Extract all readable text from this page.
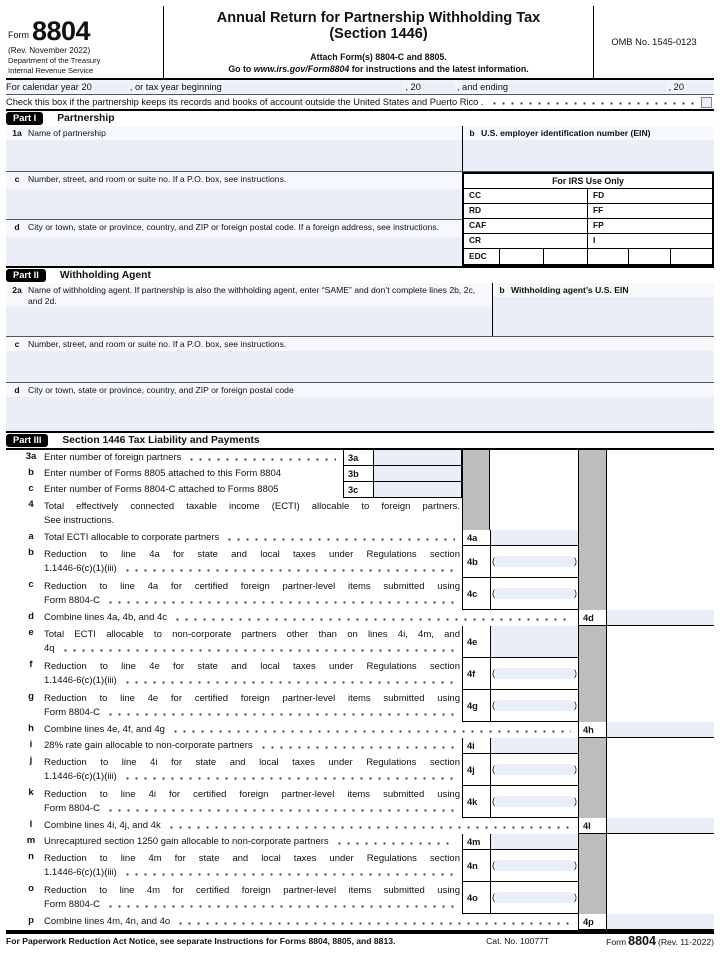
Form 8804
(Rev. November 2022)
Department of the Treasury
Internal Revenue Service
Annual Return for Partnership Withholding Tax
(Section 1446)
Attach Form(s) 8804-C and 8805.
Go to www.irs.gov/Form8804 for instructions and the latest information.
OMB No. 1545-0123
For calendar year 20	, or tax year beginning	, 20	, and ending	, 20
Check this box if the partnership keeps its records and books of account outside the United States and Puerto Rico .
Part I	Partnership
1a Name of partnership	b U.S. employer identification number (EIN)
c	Number, street, and room or suite no. If a P.O. box, see instructions.
d City or town, state or province, country, and ZIP or foreign postal code. If a foreign address, see instructions.
For IRS Use Only
CC	FD
RD	FF
CAF	FP
CR	I
EDC
Part II	Withholding Agent
2a Name of withholding agent. If partnership is also the withholding agent, enter “SAME” and don’t complete lines 2b, 2c, and 2d.
b Withholding agent’s U.S. EIN
c	Number, street, and room or suite no. If a P.O. box, see instructions.
d City or town, state or province, country, and ZIP or foreign postal code
Part III	Section 1446 Tax Liability and Payments
3a Enter number of foreign partners	3a
b	Enter number of Forms 8805 attached to this Form 8804	3b
c	Enter number of Forms 8804-C attached to Forms 8805	3c
4	Total effectively connected taxable income (ECTI) allocable to foreign partners.
See instructions.
a	Total ECTI allocable to corporate partners	4a
b	Reduction to line 4a for state and local taxes under Regulations section
1.1446-6(c)(1)(iii)
4b	(	)
c	Reduction to line 4a for certified foreign partner-level items submitted using
Form 8804-C
4c	(	)
d	Combine lines 4a, 4b, and 4c	4d
e	Total ECTI allocable to non-corporate partners other than on lines 4i, 4m, and
4q
4e
f	Reduction to line 4e for state and local taxes under Regulations section
1.1446-6(c)(1)(iii)
4f	(	)
g	Reduction to line 4e for certified foreign partner-level items submitted using
Form 8804-C
4g	(	)
h	Combine lines 4e, 4f, and 4g	4h
i	28% rate gain allocable to non-corporate partners	4i
j	Reduction to line 4i for state and local taxes under Regulations section
1.1446-6(c)(1)(iii)
4j	(	)
k	Reduction to line 4i for certified foreign partner-level items submitted using
Form 8804-C
4k	(	)
l	Combine lines 4i, 4j, and 4k	4l
m Unrecaptured section 1250 gain allocable to non-corporate partners	4m
n	Reduction to line 4m for state and local taxes under Regulations section
1.1446-6(c)(1)(iii)
4n	(	)
o	Reduction to line 4m for certified foreign partner-level items submitted using
Form 8804-C
4o	(	)
p	Combine lines 4m, 4n, and 4o	4p
For Paperwork Reduction Act Notice, see separate Instructions for Forms 8804, 8805, and 8813.	Cat. No. 10077T	Form 8804 (Rev. 11-2022)
